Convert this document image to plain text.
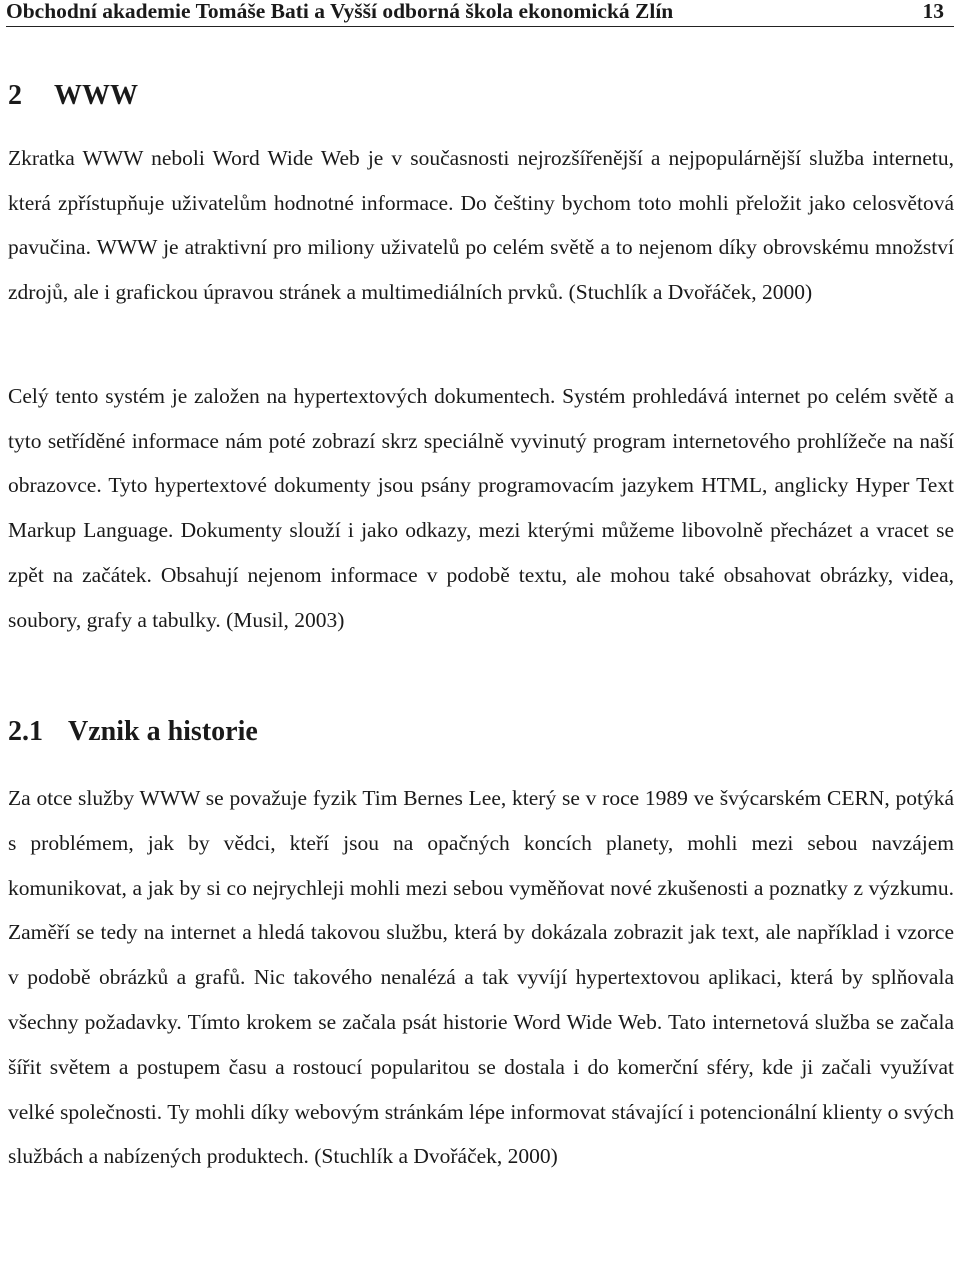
Obchodní akademie Tomáše Bati a Vyšší odborná škola ekonomická Zlín	13
2 WWW

Zkratka WWW neboli Word Wide Web je v současnosti nejrozšířenější a nejpopulárnější služba internetu, která zpřístupňuje uživatelům hodnotné informace. Do češtiny bychom toto mohli přeložit jako celosvětová pavučina. WWW je atraktivní pro miliony uživatelů po celém světě a to nejenom díky obrovskému množství zdrojů, ale i grafickou úpravou stránek a multimediálních prvků. (Stuchlík a Dvořáček, 2000)

Celý tento systém je založen na hypertextových dokumentech. Systém prohledává internet po celém světě a tyto setříděné informace nám poté zobrazí skrz speciálně vyvinutý program internetového prohlížeče na naší obrazovce. Tyto hypertextové dokumenty jsou psány programovacím jazykem HTML, anglicky Hyper Text Markup Language. Dokumenty slouží i jako odkazy, mezi kterými můžeme libovolně přecházet a vracet se zpět na začátek. Obsahují nejenom informace v podobě textu, ale mohou také obsahovat obrázky, videa, soubory, grafy a tabulky. (Musil, 2003)

2.1 Vznik a historie

Za otce služby WWW se považuje fyzik Tim Bernes Lee, který se v roce 1989 ve švýcarském CERN, potýká s problémem, jak by vědci, kteří jsou na opačných koncích planety, mohli mezi sebou navzájem komunikovat, a jak by si co nejrychleji mohli mezi sebou vyměňovat nové zkušenosti a poznatky z výzkumu. Zaměří se tedy na internet a hledá takovou službu, která by dokázala zobrazit jak text, ale například i vzorce v podobě obrázků a grafů. Nic takového nenalézá a tak vyvíjí hypertextovou aplikaci, která by splňovala všechny požadavky. Tímto krokem se začala psát historie Word Wide Web. Tato internetová služba se začala šířit světem a postupem času a rostoucí popularitou se dostala i do komerční sféry, kde ji začali využívat velké společnosti. Ty mohli díky webovým stránkám lépe informovat stávající i potencionální klienty o svých službách a nabízených produktech. (Stuchlík a Dvořáček, 2000)
